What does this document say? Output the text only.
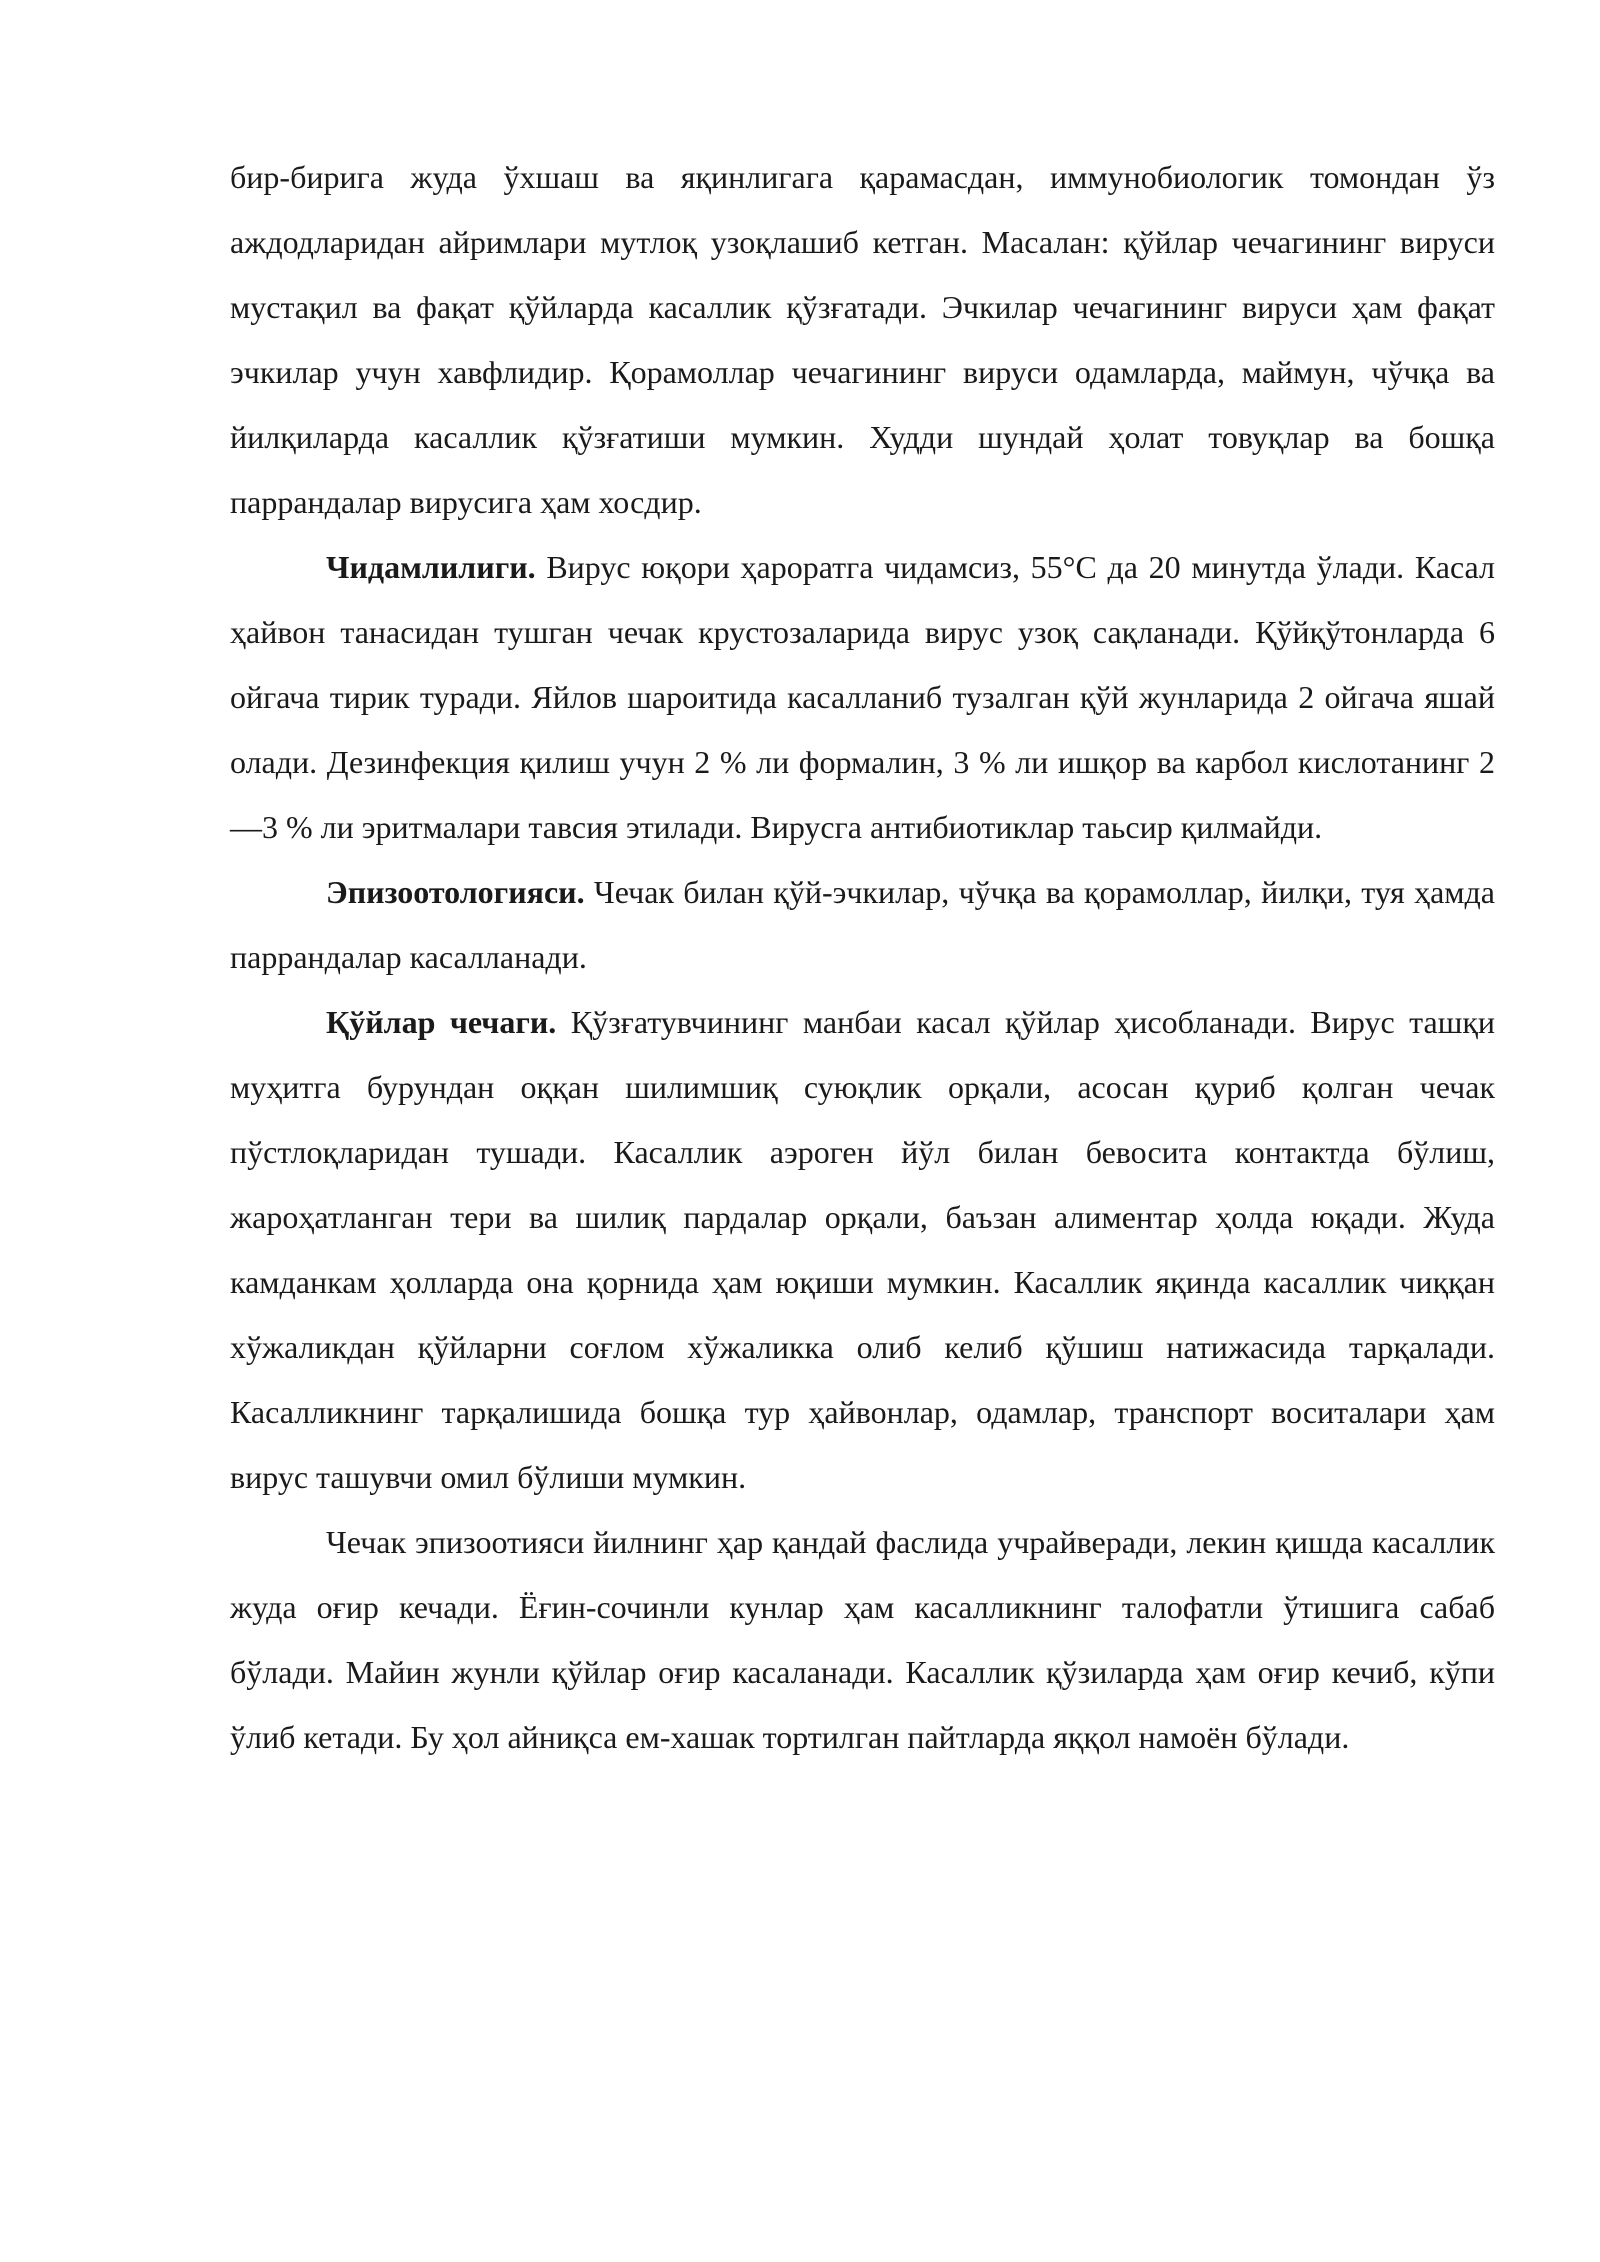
бир-бирига жуда ўхшаш ва яқинлигага қарамасдан, иммунобиологик томондан ўз аждодларидан айримлари мутлоқ узоқлашиб кетган. Масалан: қўйлар чечагининг вируси мустақил ва фақат қўйларда касаллик қўзғатади. Эчкилар чечагининг вируси ҳам фақат эчкилар учун хавфлидир. Қорамоллар чечагининг вируси одамларда, маймун, чўчқа ва йилқиларда касаллик қўзғатиши мумкин. Худди шундай ҳолат товуқлар ва бошқа паррандалар вирусига ҳам хосдир.

Чидамлилиги. Вирус юқори ҳароратга чидамсиз, 55°С да 20 минутда ўлади. Касал ҳайвон танасидан тушган чечак крустозаларида вирус узоқ сақланади. Қўйқўтонларда 6 ойгача тирик туради. Яйлов шароитида касалланиб тузалган қўй жунларида 2 ойгача яшай олади. Дезинфекция қилиш учун 2 % ли формалин, 3 % ли ишқор ва карбол кислотанинг 2—3 % ли эритмалари тавсия этилади. Вирусга антибиотиклар таьсир қилмайди.

Эпизоотологияси. Чечак билан қўй-эчкилар, чўчқа ва қорамоллар, йилқи, туя ҳамда паррандалар касалланади.

Қўйлар чечаги. Қўзғатувчининг манбаи касал қўйлар ҳисобланади. Вирус ташқи муҳитга бурундан оққан шилимшиқ суюқлик орқали, асосан қуриб қолган чечак пўстлоқларидан тушади. Касаллик аэроген йўл билан бевосита контактда бўлиш, жароҳатланган тери ва шилиқ пардалар орқали, баъзан алиментар ҳолда юқади. Жуда камданкам ҳолларда она қорнида ҳам юқиши мумкин. Касаллик яқинда касаллик чиққан хўжаликдан қўйларни соғлом хўжаликка олиб келиб қўшиш натижасида тарқалади. Касалликнинг тарқалишида бошқа тур ҳайвонлар, одамлар, транспорт воситалари ҳам вирус ташувчи омил бўлиши мумкин.

Чечак эпизоотияси йилнинг ҳар қандай фаслида учрайверади, лекин қишда касаллик жуда оғир кечади. Ёғин-сочинли кунлар ҳам касалликнинг талофатли ўтишига сабаб бўлади. Майин жунли қўйлар оғир касаланади. Касаллик қўзиларда ҳам оғир кечиб, кўпи ўлиб кетади. Бу ҳол айниқса ем-хашак тортилган пайтларда яққол намоён бўлади.
